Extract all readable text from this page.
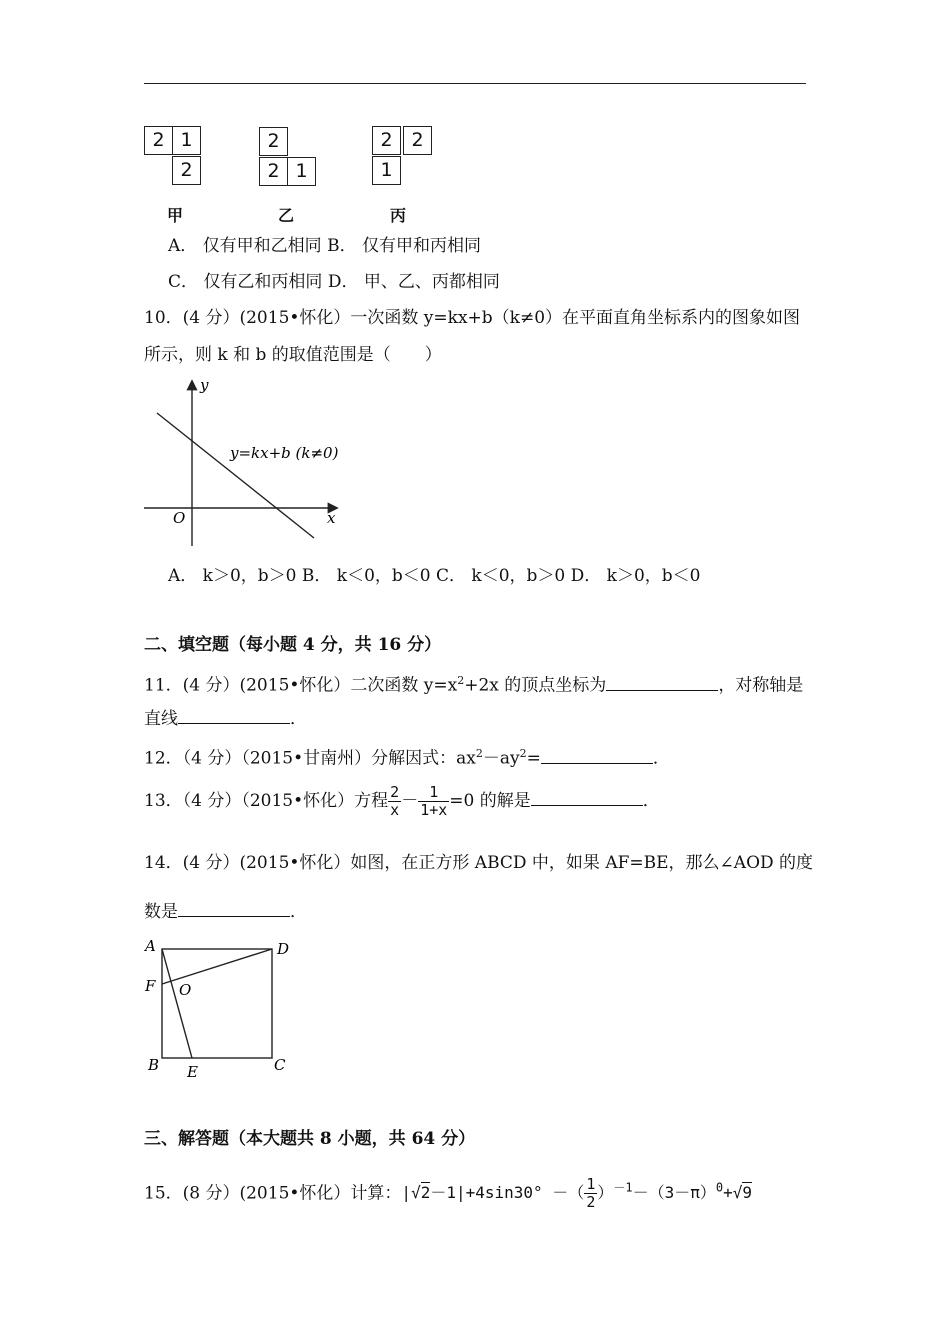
2 1
2
甲
2
2 1
乙
2 2
1
丙
A． 仅有甲和乙相同 B． 仅有甲和丙相同
C． 仅有乙和丙相同 D． 甲、乙、丙都相同
10．(4 分）(2015•怀化）一次函数 y=kx+b（k≠0）在平面直角坐标系内的图象如图
所示，则 k 和 b 的取值范围是（　　）
y
x
O
y=kx+b (k≠0)
A． k＞0，b＞0 B． k＜0，b＜0 C． k＜0，b＞0 D． k＞0，b＜0
二、填空题（每小题 4 分，共 16 分）
11．(4 分）(2015•怀化）二次函数 $y=x^2+2x$ 的顶点坐标为	，对称轴是
直线	．
12．（4 分）（2015•甘南州）分解因式：$ax^2-ay^2=$	．
13．（4 分）（2015•怀化）方程 $\frac{2}{x} - \frac{1}{1+x} =0$ 的解是	．
14．(4 分）(2015•怀化）如图，在正方形 ABCD 中，如果 AF=BE，那么∠AOD 的度
数是	．
A	D
F O
B E	C
三、解答题（本大题共 8 小题，共 64 分）
15．(8 分）(2015•怀化）计算：|√2－1|+4sin30° －（ $\frac{1}{2} )^{-1}-(3-\pi)^0+√9$
